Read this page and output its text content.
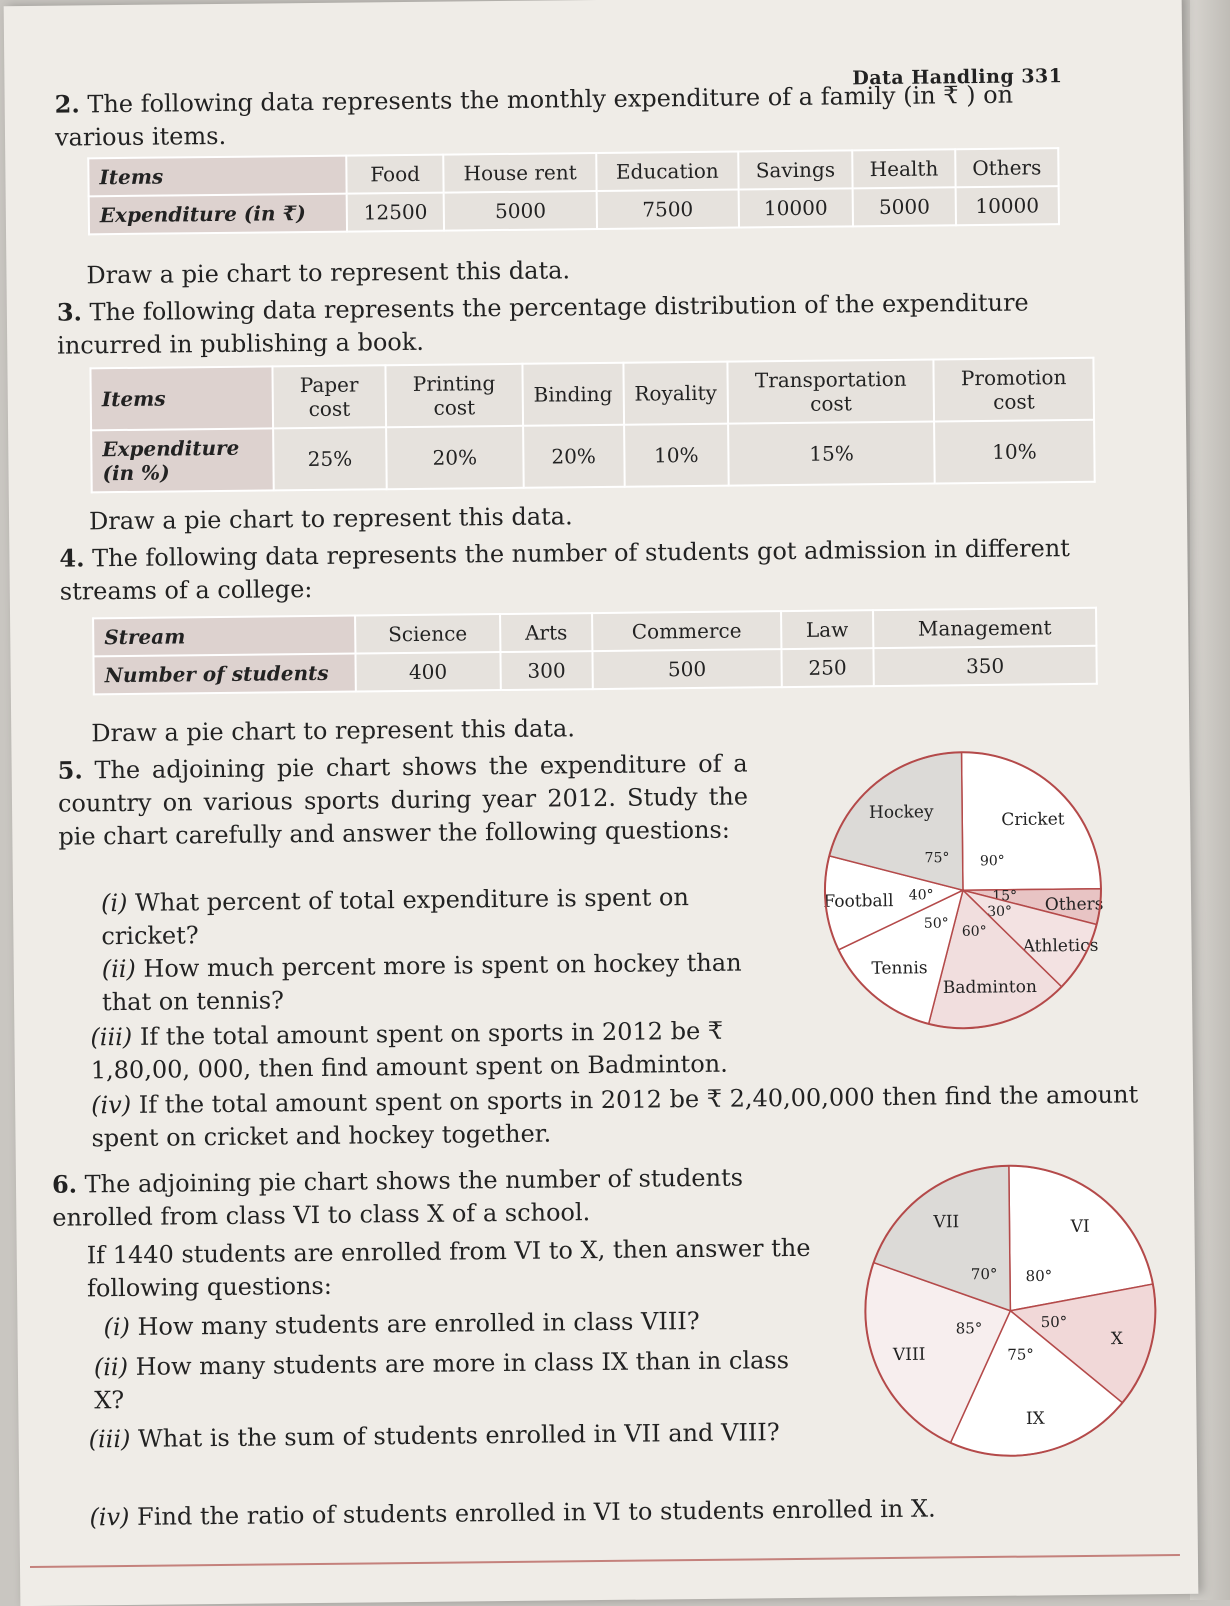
Data Handling 331
2. The following data represents the monthly expenditure of a family (in ₹ ) on various items.
Items	Food	House rent	Education	Savings	Health	Others
Expenditure (in ₹)	12500	5000	7500	10000	5000	10000
Draw a pie chart to represent this data.
3. The following data represents the percentage distribution of the expenditure incurred in publishing a book.
Items	Paper cost	Printing cost	Binding	Royality	Transportation cost	Promotion cost
Expenditure (in %)	25%	20%	20%	10%	15%	10%
Draw a pie chart to represent this data.
4. The following data represents the number of students got admission in different streams of a college:
Stream	Science	Arts	Commerce	Law	Management
Number of students	400	300	500	250	350
Draw a pie chart to represent this data.
5. The adjoining pie chart shows the expenditure of a country on various sports during year 2012. Study the pie chart carefully and answer the following questions:
(i) What percent of total expenditure is spent on cricket?
(ii) How much percent more is spent on hockey than that on tennis?
(iii) If the total amount spent on sports in 2012 be ₹ 1,80,00, 000, then find amount spent on Badminton.
(iv) If the total amount spent on sports in 2012 be ₹ 2,40,00,000 then find the amount spent on cricket and hockey together.
Cricket
90°
Others
15°
Athletics
30°
Badminton
60°
Tennis
50°
Football 40°
Hockey
75°
6. The adjoining pie chart shows the number of students enrolled from class VI to class X of a school.
If 1440 students are enrolled from VI to X, then answer the following questions:
(i) How many students are enrolled in class VIII?
(ii) How many students are more in class IX than in class X?
(iii) What is the sum of students enrolled in VII and VIII?
(iv) Find the ratio of students enrolled in VI to students enrolled in X.
VI
80°
X
50°
IX
75°
VIII
85°
VII
70°
